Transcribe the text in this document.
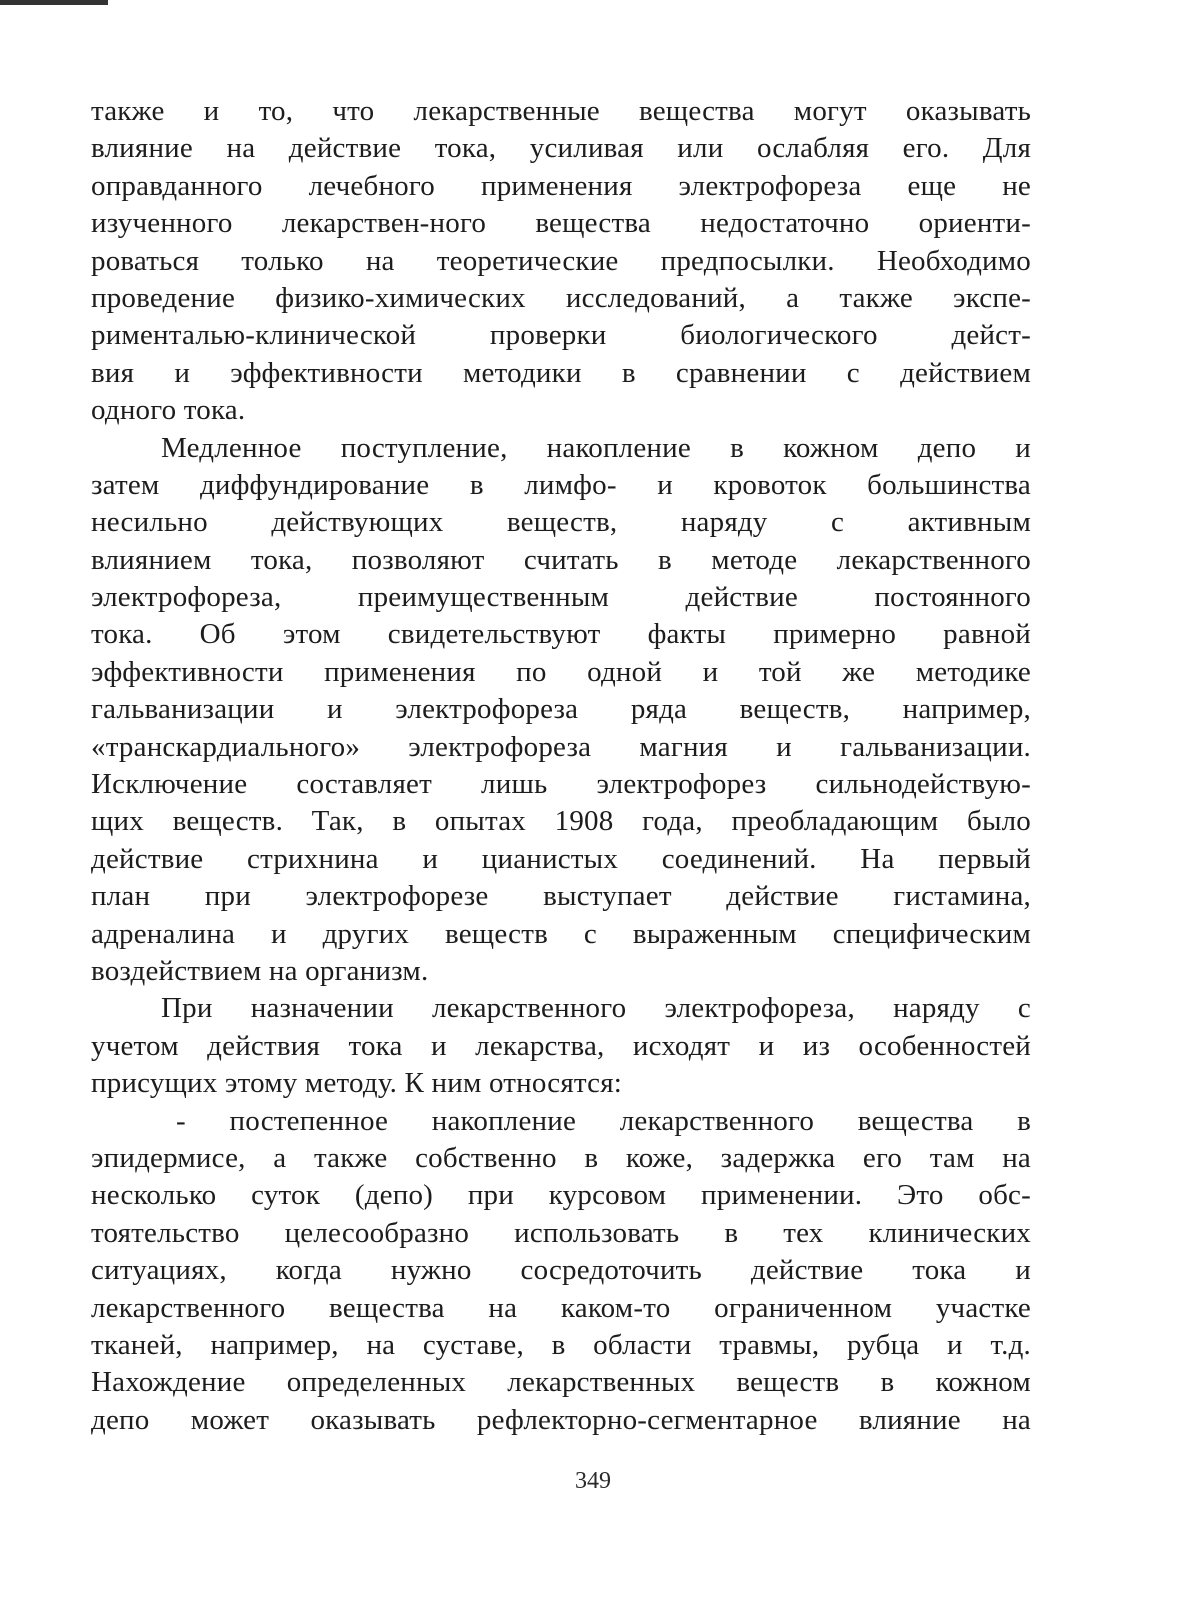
также и то, что лекарственные вещества могут оказывать
влияние на действие тока, усиливая или ослабляя его. Для
оправданного лечебного применения электрофореза еще не
изученного лекарствен-ного вещества недостаточно ориенти-
роваться только на теоретические предпосылки. Необходимо
проведение физико-химических исследований, а также экспе-
рименталью-клинической проверки биологического дейст-
вия и эффективности методики в сравнении с действием
одного тока.
Медленное поступление, накопление в кожном депо и
затем диффундирование в лимфо- и кровоток большинства
несильно действующих веществ, наряду с активным
влиянием тока, позволяют считать в методе лекарственного
электрофореза, преимущественным действие постоянного
тока. Об этом свидетельствуют факты примерно равной
эффективности применения по одной и той же методике
гальванизации и электрофореза ряда веществ, например,
«транскардиального» электрофореза магния и гальванизации.
Исключение составляет лишь электрофорез сильнодействую-
щих веществ. Так, в опытах 1908 года, преобладающим было
действие стрихнина и цианистых соединений. На первый
план при электрофорезе выступает действие гистамина,
адреналина и других веществ с выраженным специфическим
воздействием на организм.
При назначении лекарственного электрофореза, наряду с
учетом действия тока и лекарства, исходят и из особенностей
присущих этому методу. К ним относятся:
- постепенное накопление лекарственного вещества в
эпидермисе, а также собственно в коже, задержка его там на
несколько суток (депо) при курсовом применении. Это обс-
тоятельство целесообразно использовать в тех клинических
ситуациях, когда нужно сосредоточить действие тока и
лекарственного вещества на каком-то ограниченном участке
тканей, например, на суставе, в области травмы, рубца и т.д.
Нахождение определенных лекарственных веществ в кожном
депо может оказывать рефлекторно-сегментарное влияние на
349
